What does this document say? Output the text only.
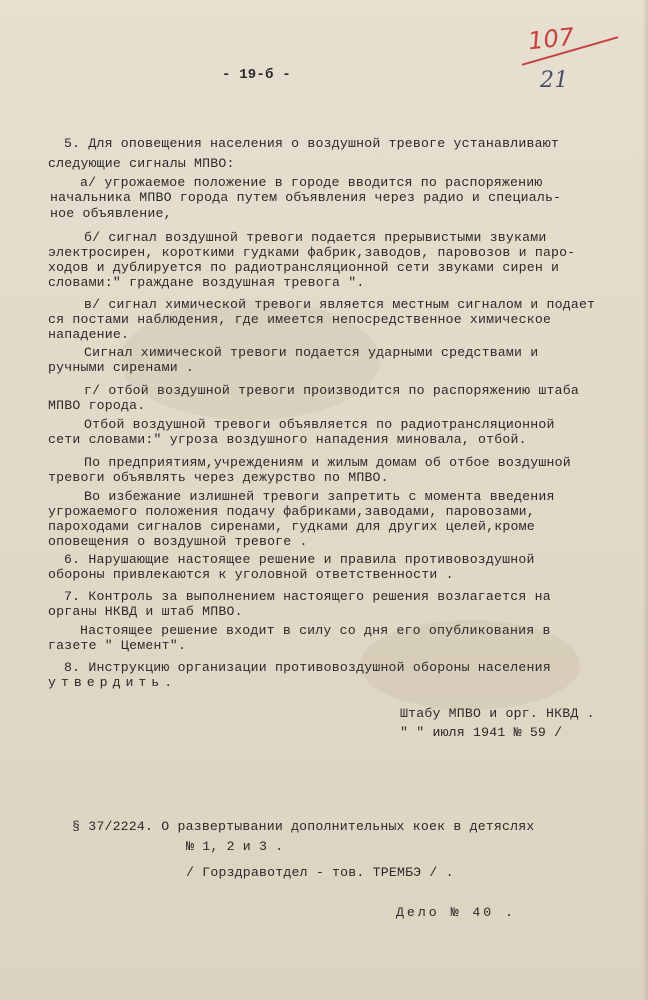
- 19-б -
107
21
5. Для оповещения населения о воздушной тревоге устанавливают
следующие сигналы МПВО:
а/ угрожаемое положение в городе вводится по распоряжению
начальника МПВО города путем объявления через радио и специаль-
ное объявление,
б/ сигнал воздушной тревоги подается прерывистыми звуками
электросирен, короткими гудками фабрик,заводов, паровозов и паро-
ходов и дублируется по радиотрансляционной сети звуками сирен и
словами:" граждане воздушная тревога ".
в/ сигнал химической тревоги является местным сигналом и подает
ся постами наблюдения, где имеется непосредственное химическое
нападение.
Сигнал химической тревоги подается ударными средствами и
ручными сиренами .
г/ отбой воздушной тревоги производится по распоряжению штаба
МПВО города.
Отбой воздушной тревоги объявляется по радиотрансляционной
сети словами:" угроза воздушного нападения миновала, отбой.
По предприятиям,учреждениям и жилым домам об отбое воздушной
тревоги объявлять через дежурство по МПВО.
Во избежание излишней тревоги запретить с момента введения
угрожаемого положения подачу фабриками,заводами, паровозами,
пароходами сигналов сиренами, гудками для других целей,кроме
оповещения о воздушной тревоге .
6. Нарушающие настоящее решение и правила противовоздушной
обороны привлекаются к уголовной ответственности .
7. Контроль за выполнением настоящего решения возлагается на
органы НКВД и штаб МПВО.
Настоящее решение входит в силу со дня его опубликования в
газете " Цемент".
8. Инструкцию организации противовоздушной обороны населения
утвердить.
Штабу МПВО и орг. НКВД .
" " июля 1941 № 59 /
§ 37/2224. О развертывании дополнительных коек в детяслях
№ 1, 2 и 3 .
/ Горздравотдел - тов. ТРЕМБЭ / .
Дело № 40 .
